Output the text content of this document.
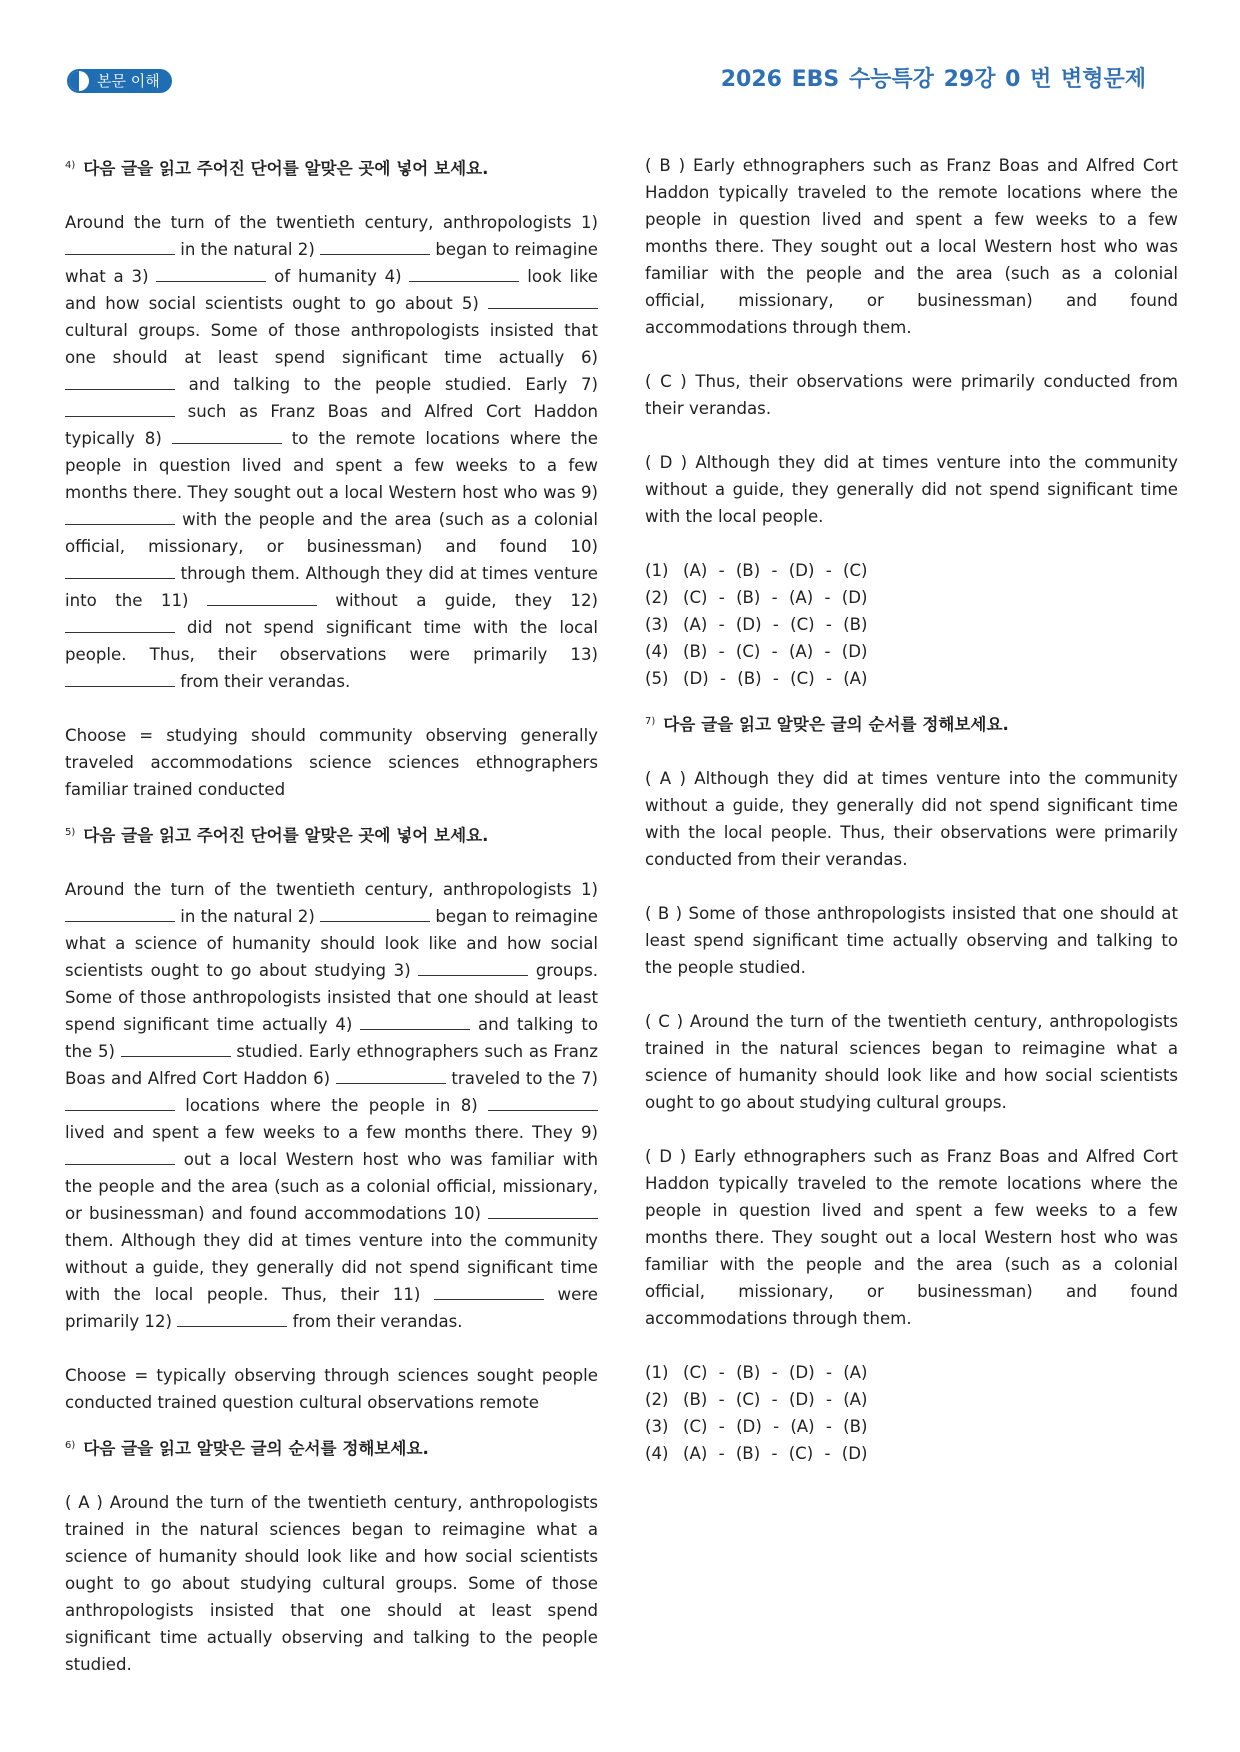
본문 이해	2026 EBS 수능특강 29강 0 번 변형문제

$^{4)}$ 다음 글을 읽고 주어진 단어를 알맞은 곳에 넣어 보세요.

Around the turn of the twentieth century, anthropologists 1)  in the natural 2)	began to reimagine what a 3)	of humanity 4)	look like and how social scientists ought to go about 5)  cultural groups. Some of those anthropologists insisted that one should at least spend significant time actually 6)  and talking to the people studied. Early 7)  such as Franz Boas and Alfred Cort Haddon typically 8)	to the remote locations where the people in question lived and spent a few weeks to a few months there. They sought out a local Western host who was 9)  with the people and the area (such as a colonial official, missionary, or businessman) and found 10)  through them. Although they did at times venture into the 11)	without a guide, they 12)  did not spend significant time with the local people. Thus, their observations were primarily 13)  from their verandas.

Choose = studying should community observing generally traveled accommodations science sciences ethnographers familiar trained conducted

$^{5)}$ 다음 글을 읽고 주어진 단어를 알맞은 곳에 넣어 보세요.

Around the turn of the twentieth century, anthropologists 1)  in the natural 2)	began to reimagine what a science of humanity should look like and how social scientists ought to go about studying 3)	groups. Some of those anthropologists insisted that one should at least spend significant time actually 4)	and talking to the 5)	studied. Early ethnographers such as Franz Boas and Alfred Cort Haddon 6)	traveled to the 7)  locations where the people in 8)  lived and spent a few weeks to a few months there. They 9)  out a local Western host who was familiar with the people and the area (such as a colonial official, missionary, or businessman) and found accommodations 10)  them. Although they did at times venture into the community without a guide, they generally did not spend significant time with the local people. Thus, their 11)	were primarily 12)	from their verandas.

Choose = typically observing through sciences sought people conducted trained question cultural observations remote

$^{6)}$ 다음 글을 읽고 알맞은 글의 순서를 정해보세요.

( A ) Around the turn of the twentieth century, anthropologists trained in the natural sciences began to reimagine what a science of humanity should look like and how social scientists ought to go about studying cultural groups. Some of those anthropologists insisted that one should at least spend significant time actually observing and talking to the people studied.

( B ) Early ethnographers such as Franz Boas and Alfred Cort Haddon typically traveled to the remote locations where the people in question lived and spent a few weeks to a few months there. They sought out a local Western host who was familiar with the people and the area (such as a colonial official, missionary, or businessman) and found accommodations through them.

( C ) Thus, their observations were primarily conducted from their verandas.

( D ) Although they did at times venture into the community without a guide, they generally did not spend significant time with the local people.

(1) (A) - (B) - (D) - (C)
(2) (C) - (B) - (A) - (D)
(3) (A) - (D) - (C) - (B)
(4) (B) - (C) - (A) - (D)
(5) (D) - (B) - (C) - (A)

$^{7)}$ 다음 글을 읽고 알맞은 글의 순서를 정해보세요.

( A ) Although they did at times venture into the community without a guide, they generally did not spend significant time with the local people. Thus, their observations were primarily conducted from their verandas.

( B ) Some of those anthropologists insisted that one should at least spend significant time actually observing and talking to the people studied.

( C ) Around the turn of the twentieth century, anthropologists trained in the natural sciences began to reimagine what a science of humanity should look like and how social scientists ought to go about studying cultural groups.

( D ) Early ethnographers such as Franz Boas and Alfred Cort Haddon typically traveled to the remote locations where the people in question lived and spent a few weeks to a few months there. They sought out a local Western host who was familiar with the people and the area (such as a colonial official, missionary, or businessman) and found accommodations through them.

(1) (C) - (B) - (D) - (A)
(2) (B) - (C) - (D) - (A)
(3) (C) - (D) - (A) - (B)
(4) (A) - (B) - (C) - (D)
